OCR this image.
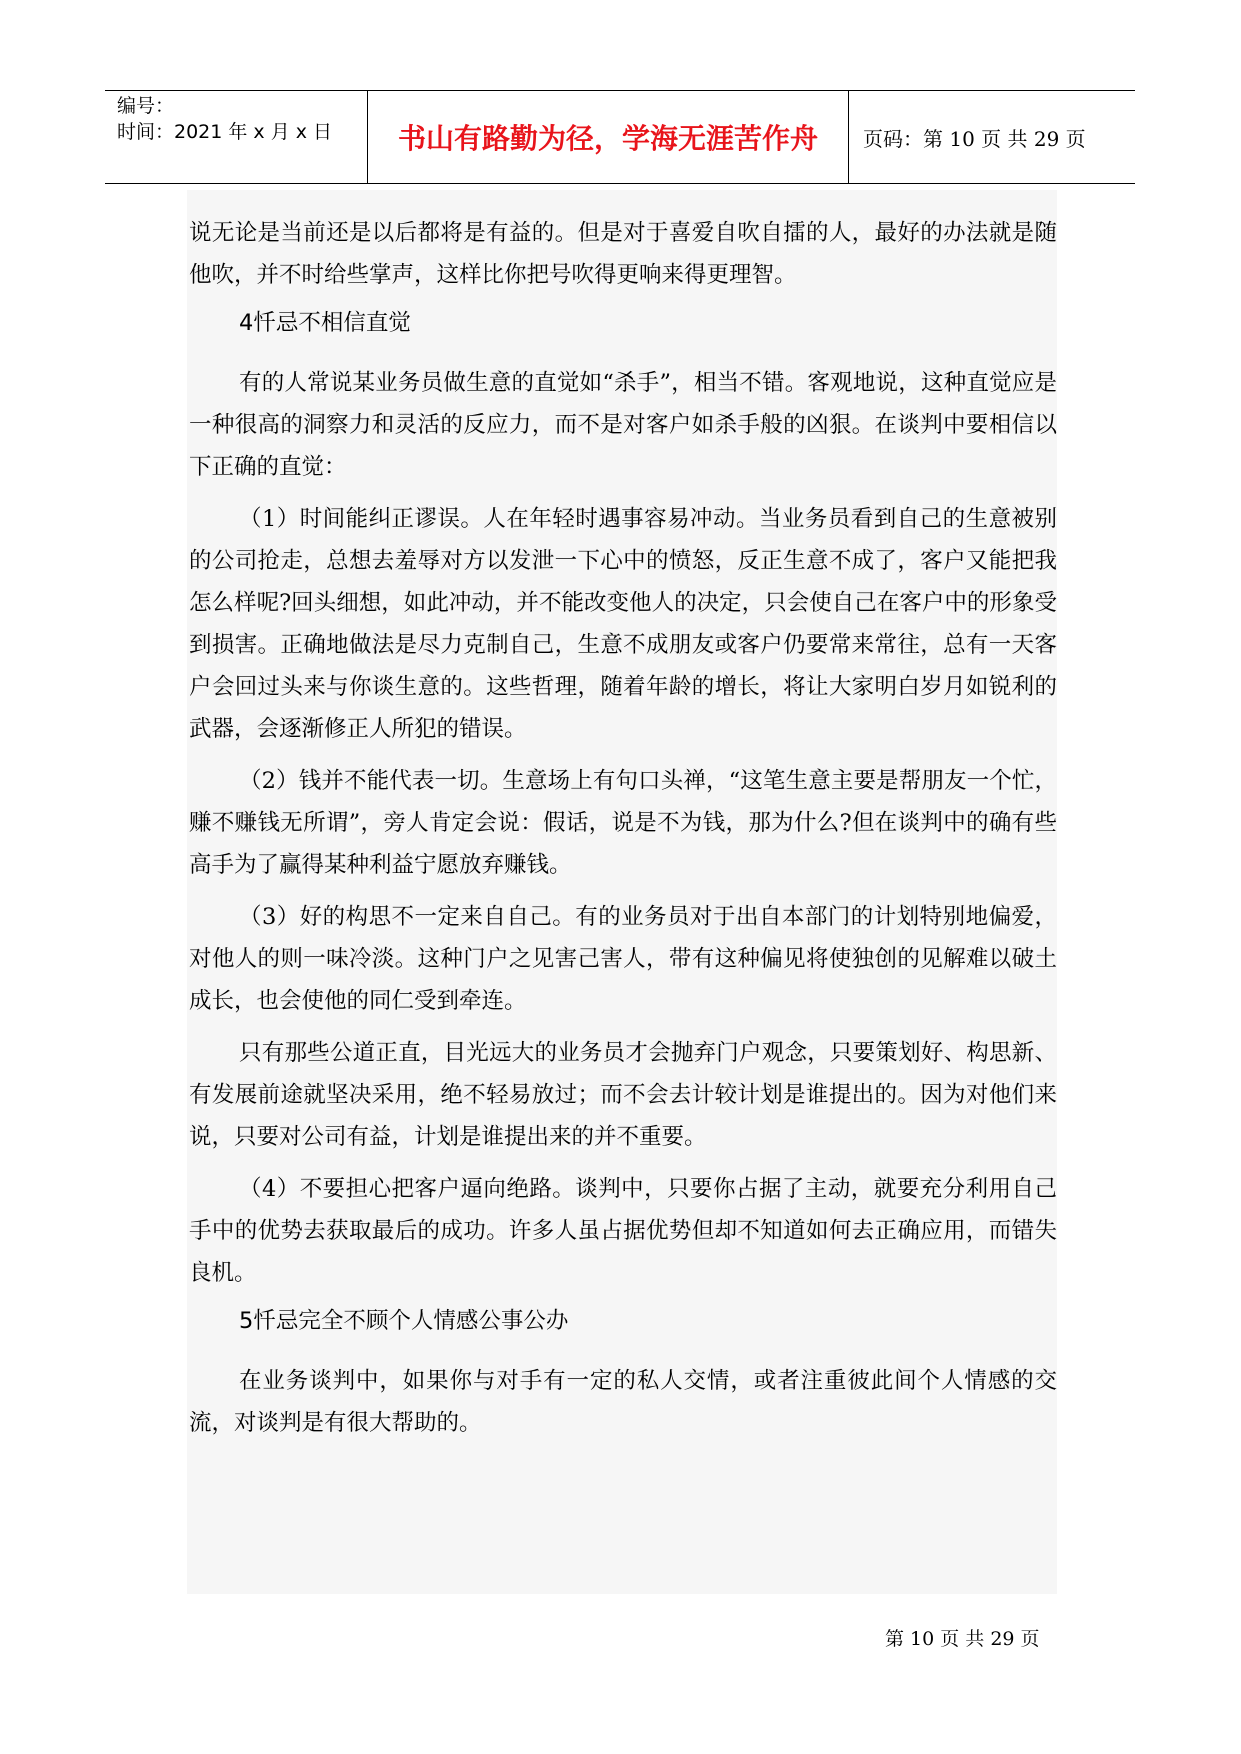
编号：
时间：2021 年 x 月 x 日	书山有路勤为径，学海无涯苦作舟	页码：第 10 页 共 29 页

说无论是当前还是以后都将是有益的。但是对于喜爱自吹自擂的人，最好的办法就是随他吹，并不时给些掌声，这样比你把号吹得更响来得更理智。

4忏忌不相信直觉

有的人常说某业务员做生意的直觉如“杀手”，相当不错。客观地说，这种直觉应是一种很高的洞察力和灵活的反应力，而不是对客户如杀手般的凶狠。在谈判中要相信以下正确的直觉：

（1）时间能纠正谬误。人在年轻时遇事容易冲动。当业务员看到自己的生意被别的公司抢走，总想去羞辱对方以发泄一下心中的愤怒，反正生意不成了，客户又能把我怎么样呢?回头细想，如此冲动，并不能改变他人的决定，只会使自己在客户中的形象受到损害。正确地做法是尽力克制自己，生意不成朋友或客户仍要常来常往，总有一天客户会回过头来与你谈生意的。这些哲理，随着年龄的增长，将让大家明白岁月如锐利的武器，会逐渐修正人所犯的错误。

（2）钱并不能代表一切。生意场上有句口头禅，“这笔生意主要是帮朋友一个忙，赚不赚钱无所谓”，旁人肯定会说：假话，说是不为钱，那为什么?但在谈判中的确有些高手为了赢得某种利益宁愿放弃赚钱。

（3）好的构思不一定来自自己。有的业务员对于出自本部门的计划特别地偏爱，对他人的则一味冷淡。这种门户之见害己害人，带有这种偏见将使独创的见解难以破土成长，也会使他的同仁受到牵连。

只有那些公道正直，目光远大的业务员才会抛弃门户观念，只要策划好、构思新、有发展前途就坚决采用，绝不轻易放过；而不会去计较计划是谁提出的。因为对他们来说，只要对公司有益，计划是谁提出来的并不重要。

（4）不要担心把客户逼向绝路。谈判中，只要你占据了主动，就要充分利用自己手中的优势去获取最后的成功。许多人虽占据优势但却不知道如何去正确应用，而错失良机。

5忏忌完全不顾个人情感公事公办

在业务谈判中，如果你与对手有一定的私人交情，或者注重彼此间个人情感的交流，对谈判是有很大帮助的。

第 10 页 共 29 页
